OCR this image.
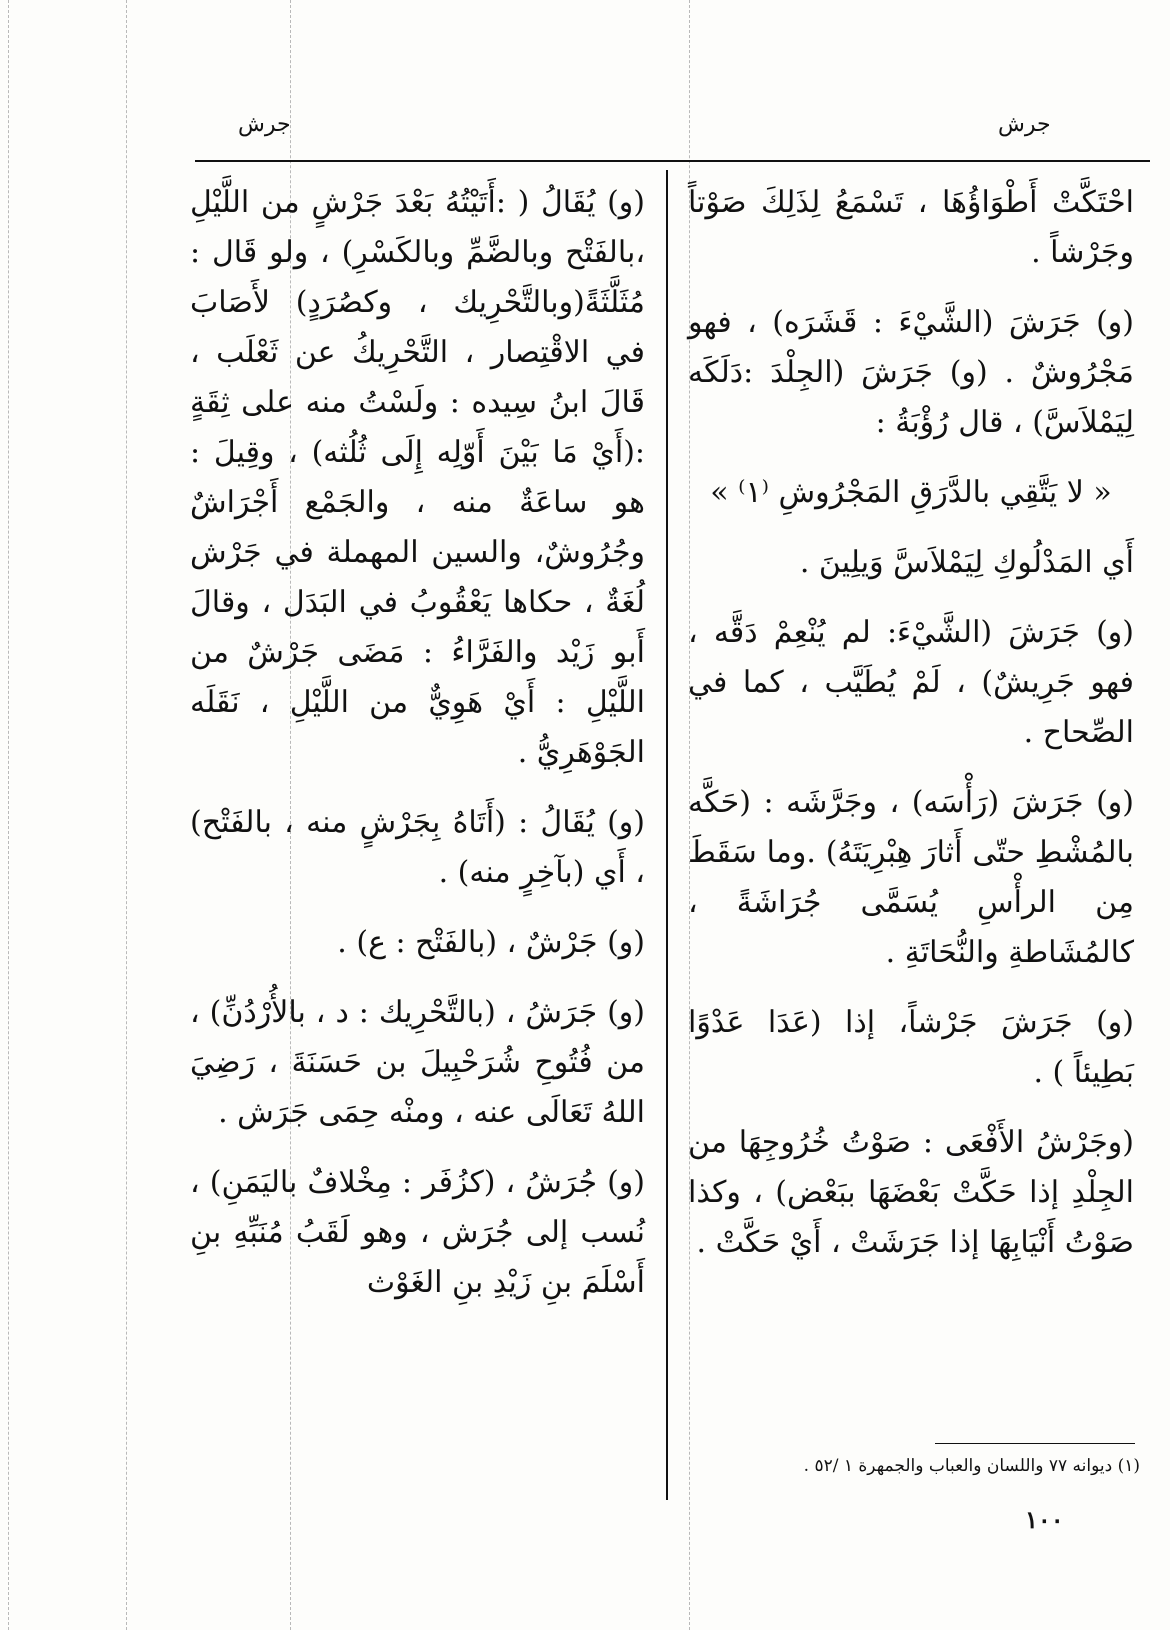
جرش
جرش

احْتَكَّتْ أَطْوَاؤُهَا ، تَسْمَعُ لِذَلِكَ صَوْتاً وجَرْشاً .

(و) جَرَشَ (الشَّيْءَ : قَشَرَه) ، فهو مَجْرُوشٌ . (و) جَرَشَ (الجِلْدَ :دَلَكَه لِيَمْلاَسَّ) ، قال رُؤْبَةُ :

« لا يَتَّقِي بالدَّرَقِ المَجْرُوشِ ⁽١⁾ »

أَي المَدْلُوكِ لِيَمْلاَسَّ وَيلِينَ .

(و) جَرَشَ (الشَّيْءَ: لم يُنْعِمْ دَقَّه ، فهو جَرِيشٌ) ، لَمْ يُطَيَّب ، كما في الصِّحاح .

(و) جَرَشَ (رَأْسَه) ، وجَرَّشَه : (حَكَّه بالمُشْطِ حتّى أَثارَ هِبْرِيَتَهُ) .وما سَقَطَ مِن الرأْسِ يُسَمَّى جُرَاشَةً ، كالمُشَاطةِ والنُّحَاتَةِ .

(و) جَرَشَ جَرْشاً، إذا (عَدَا عَدْوًا بَطِيئاً ) .

(وجَرْشُ الأَفْعَى : صَوْتُ خُرُوجِهَا من الجِلْدِ إذا حَكَّتْ بَعْضَهَا ببَعْض) ، وكذا صَوْتُ أَنْيَابِهَا إذا جَرَشَتْ ، أَيْ حَكَّتْ .

(و) يُقَالُ ( :أَتَيْتُهُ بَعْدَ جَرْشٍ من اللَّيْلِ ،بالفَتْح وبالضَّمِّ وبالكَسْرِ) ، ولو قَال : مُثَلَّثَةً(وبالتَّحْرِيك ، وكصُرَدٍ) لأَصَابَ في الاقْتِصار ، التَّحْرِيكُ عن ثَعْلَب ، قَالَ ابنُ سِيده : ولَسْتُ منه على ثِقَةٍ :(أَيْ مَا بَيْنَ أَوّلِه إِلَى ثُلُثه) ، وقِيلَ : هو ساعَةٌ منه ، والجَمْع أَجْرَاشٌ وجُرُوشٌ، والسين المهملة في جَرْش لُغَةٌ ، حكاها يَعْقُوبُ في البَدَل ، وقالَ أَبو زَيْد والفَرَّاءُ : مَضَى جَرْشٌ من اللَّيْلِ : أَيْ هَوِيٌّ من اللَّيْلِ ، نَقَلَه الجَوْهَرِيُّ .

(و) يُقَالُ : (أَتَاهُ بِجَرْشٍ منه ، بالفَتْح) ، أَي (بآخِرٍ منه) .

(و) جَرْشٌ ، (بالفَتْح : ع) .

(و) جَرَشُ ، (بالتَّحْرِيك : د ، بالأُرْدُنِّ) ، من فُتُوحِ شُرَحْبِيلَ بن حَسَنَةَ ، رَضِيَ اللهُ تَعَالَى عنه ، ومنْه حِمَى جَرَش .

(و) جُرَشُ ، (كزُفَر : مِخْلافٌ باليَمَنِ) ، نُسب إلى جُرَش ، وهو لَقَبُ مُنَبِّهِ بنِ أَسْلَمَ بنِ زَيْدِ بنِ الغَوْث

(١) ديوانه ٧٧ واللسان والعباب والجمهرة ١ /٥٢ .
١٠٠
